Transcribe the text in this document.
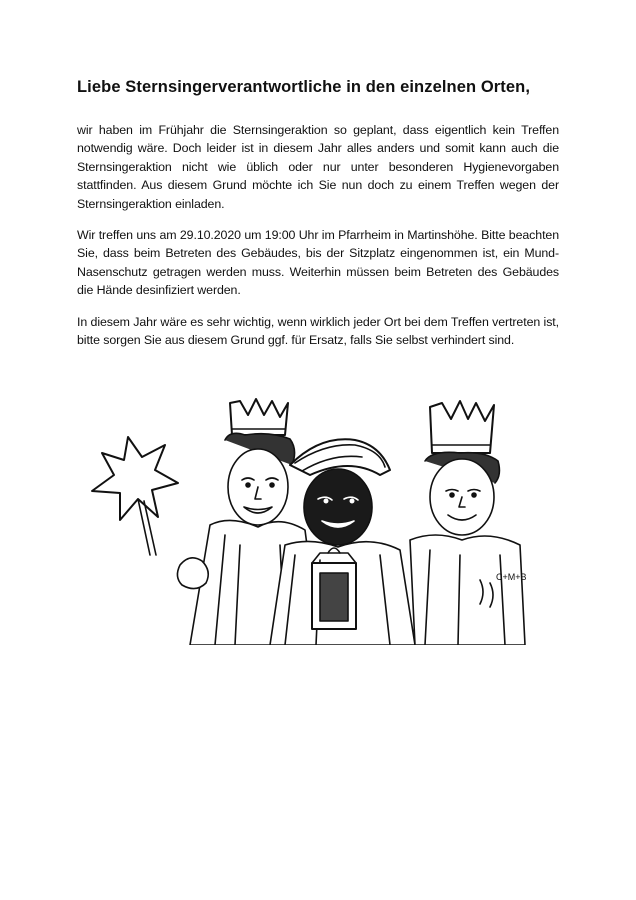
Liebe Sternsingerverantwortliche in den einzelnen Orten,

wir haben im Frühjahr die Sternsingeraktion so geplant, dass eigentlich kein Treffen notwendig wäre. Doch leider ist in diesem Jahr alles anders und somit kann auch die Sternsingeraktion nicht wie üblich oder nur unter besonderen Hygienevorgaben stattfinden. Aus diesem Grund möchte ich Sie nun doch zu einem Treffen wegen der Sternsingeraktion einladen.

Wir treffen uns am 29.10.2020 um 19:00 Uhr im Pfarrheim in Martinshöhe. Bitte beachten Sie, dass beim Betreten des Gebäudes, bis der Sitzplatz eingenommen ist, ein Mund-Nasenschutz getragen werden muss. Weiterhin müssen beim Betreten des Gebäudes die Hände desinfiziert werden.

In diesem Jahr wäre es sehr wichtig, wenn wirklich jeder Ort bei dem Treffen vertreten ist, bitte sorgen Sie aus diesem Grund ggf. für Ersatz, falls Sie selbst verhindert sind.

C+M+B
